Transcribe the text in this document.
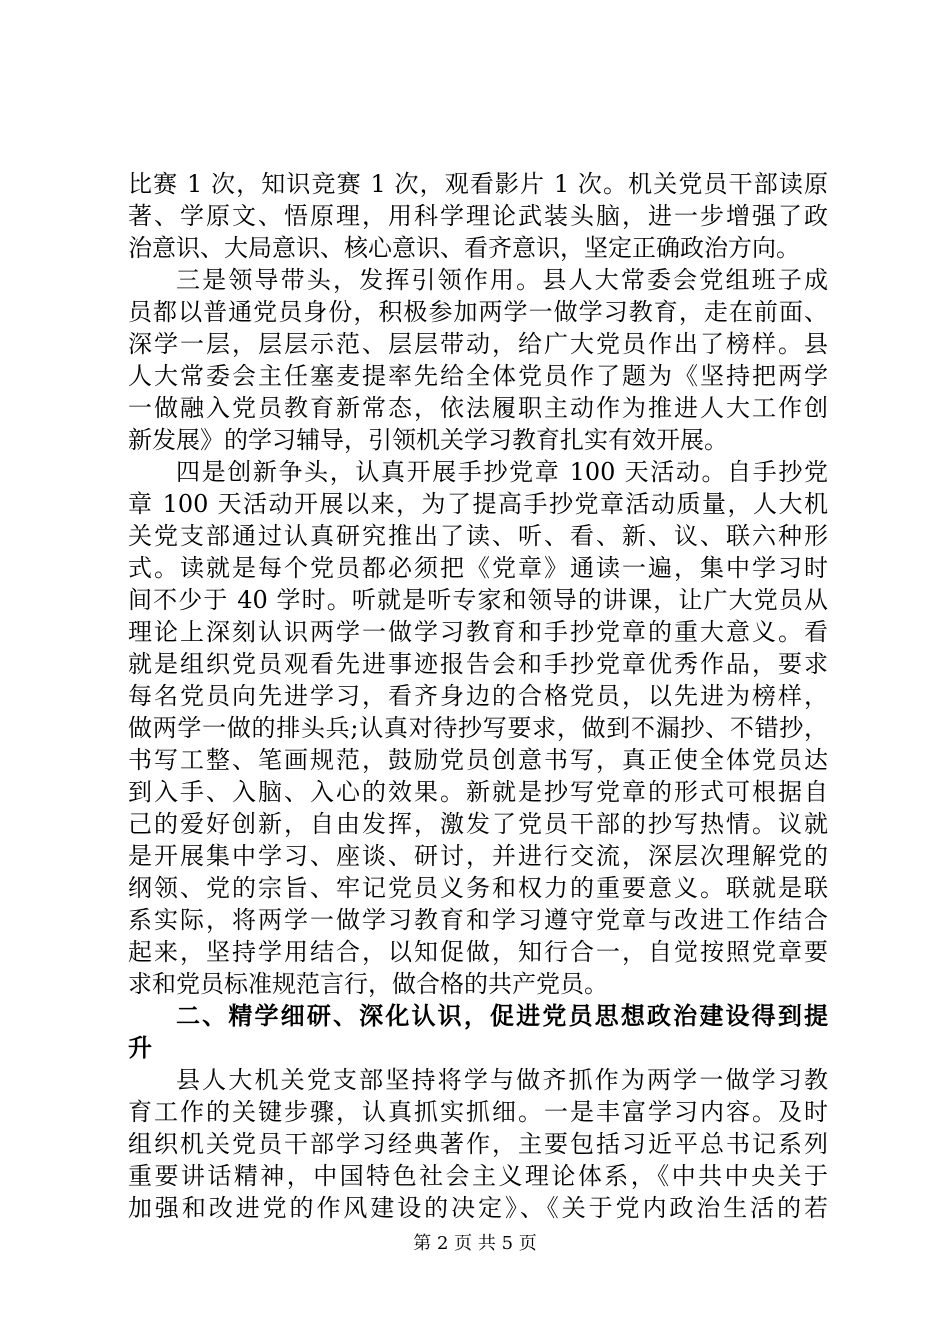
比赛 1 次，知识竞赛 1 次，观看影片 1 次。机关党员干部读原
著、学原文、悟原理，用科学理论武装头脑，进一步增强了政
治意识、大局意识、核心意识、看齐意识，坚定正确政治方向。
三是领导带头，发挥引领作用。县人大常委会党组班子成
员都以普通党员身份，积极参加两学一做学习教育，走在前面、
深学一层，层层示范、层层带动，给广大党员作出了榜样。县
人大常委会主任塞麦提率先给全体党员作了题为《坚持把两学
一做融入党员教育新常态，依法履职主动作为推进人大工作创
新发展》的学习辅导，引领机关学习教育扎实有效开展。
四是创新争头，认真开展手抄党章 100 天活动。自手抄党
章 100 天活动开展以来，为了提高手抄党章活动质量，人大机
关党支部通过认真研究推出了读、听、看、新、议、联六种形
式。读就是每个党员都必须把《党章》通读一遍，集中学习时
间不少于 40 学时。听就是听专家和领导的讲课，让广大党员从
理论上深刻认识两学一做学习教育和手抄党章的重大意义。看
就是组织党员观看先进事迹报告会和手抄党章优秀作品，要求
每名党员向先进学习，看齐身边的合格党员，以先进为榜样，
做两学一做的排头兵;认真对待抄写要求，做到不漏抄、不错抄，
书写工整、笔画规范，鼓励党员创意书写，真正使全体党员达
到入手、入脑、入心的效果。新就是抄写党章的形式可根据自
己的爱好创新，自由发挥，激发了党员干部的抄写热情。议就
是开展集中学习、座谈、研讨，并进行交流，深层次理解党的
纲领、党的宗旨、牢记党员义务和权力的重要意义。联就是联
系实际，将两学一做学习教育和学习遵守党章与改进工作结合
起来，坚持学用结合，以知促做，知行合一，自觉按照党章要
求和党员标准规范言行，做合格的共产党员。
二、精学细研、深化认识，促进党员思想政治建设得到提
升
县人大机关党支部坚持将学与做齐抓作为两学一做学习教
育工作的关键步骤，认真抓实抓细。一是丰富学习内容。及时
组织机关党员干部学习经典著作，主要包括习近平总书记系列
重要讲话精神，中国特色社会主义理论体系，《中共中央关于
加强和改进党的作风建设的决定》、《关于党内政治生活的若
第 2 页 共 5 页
